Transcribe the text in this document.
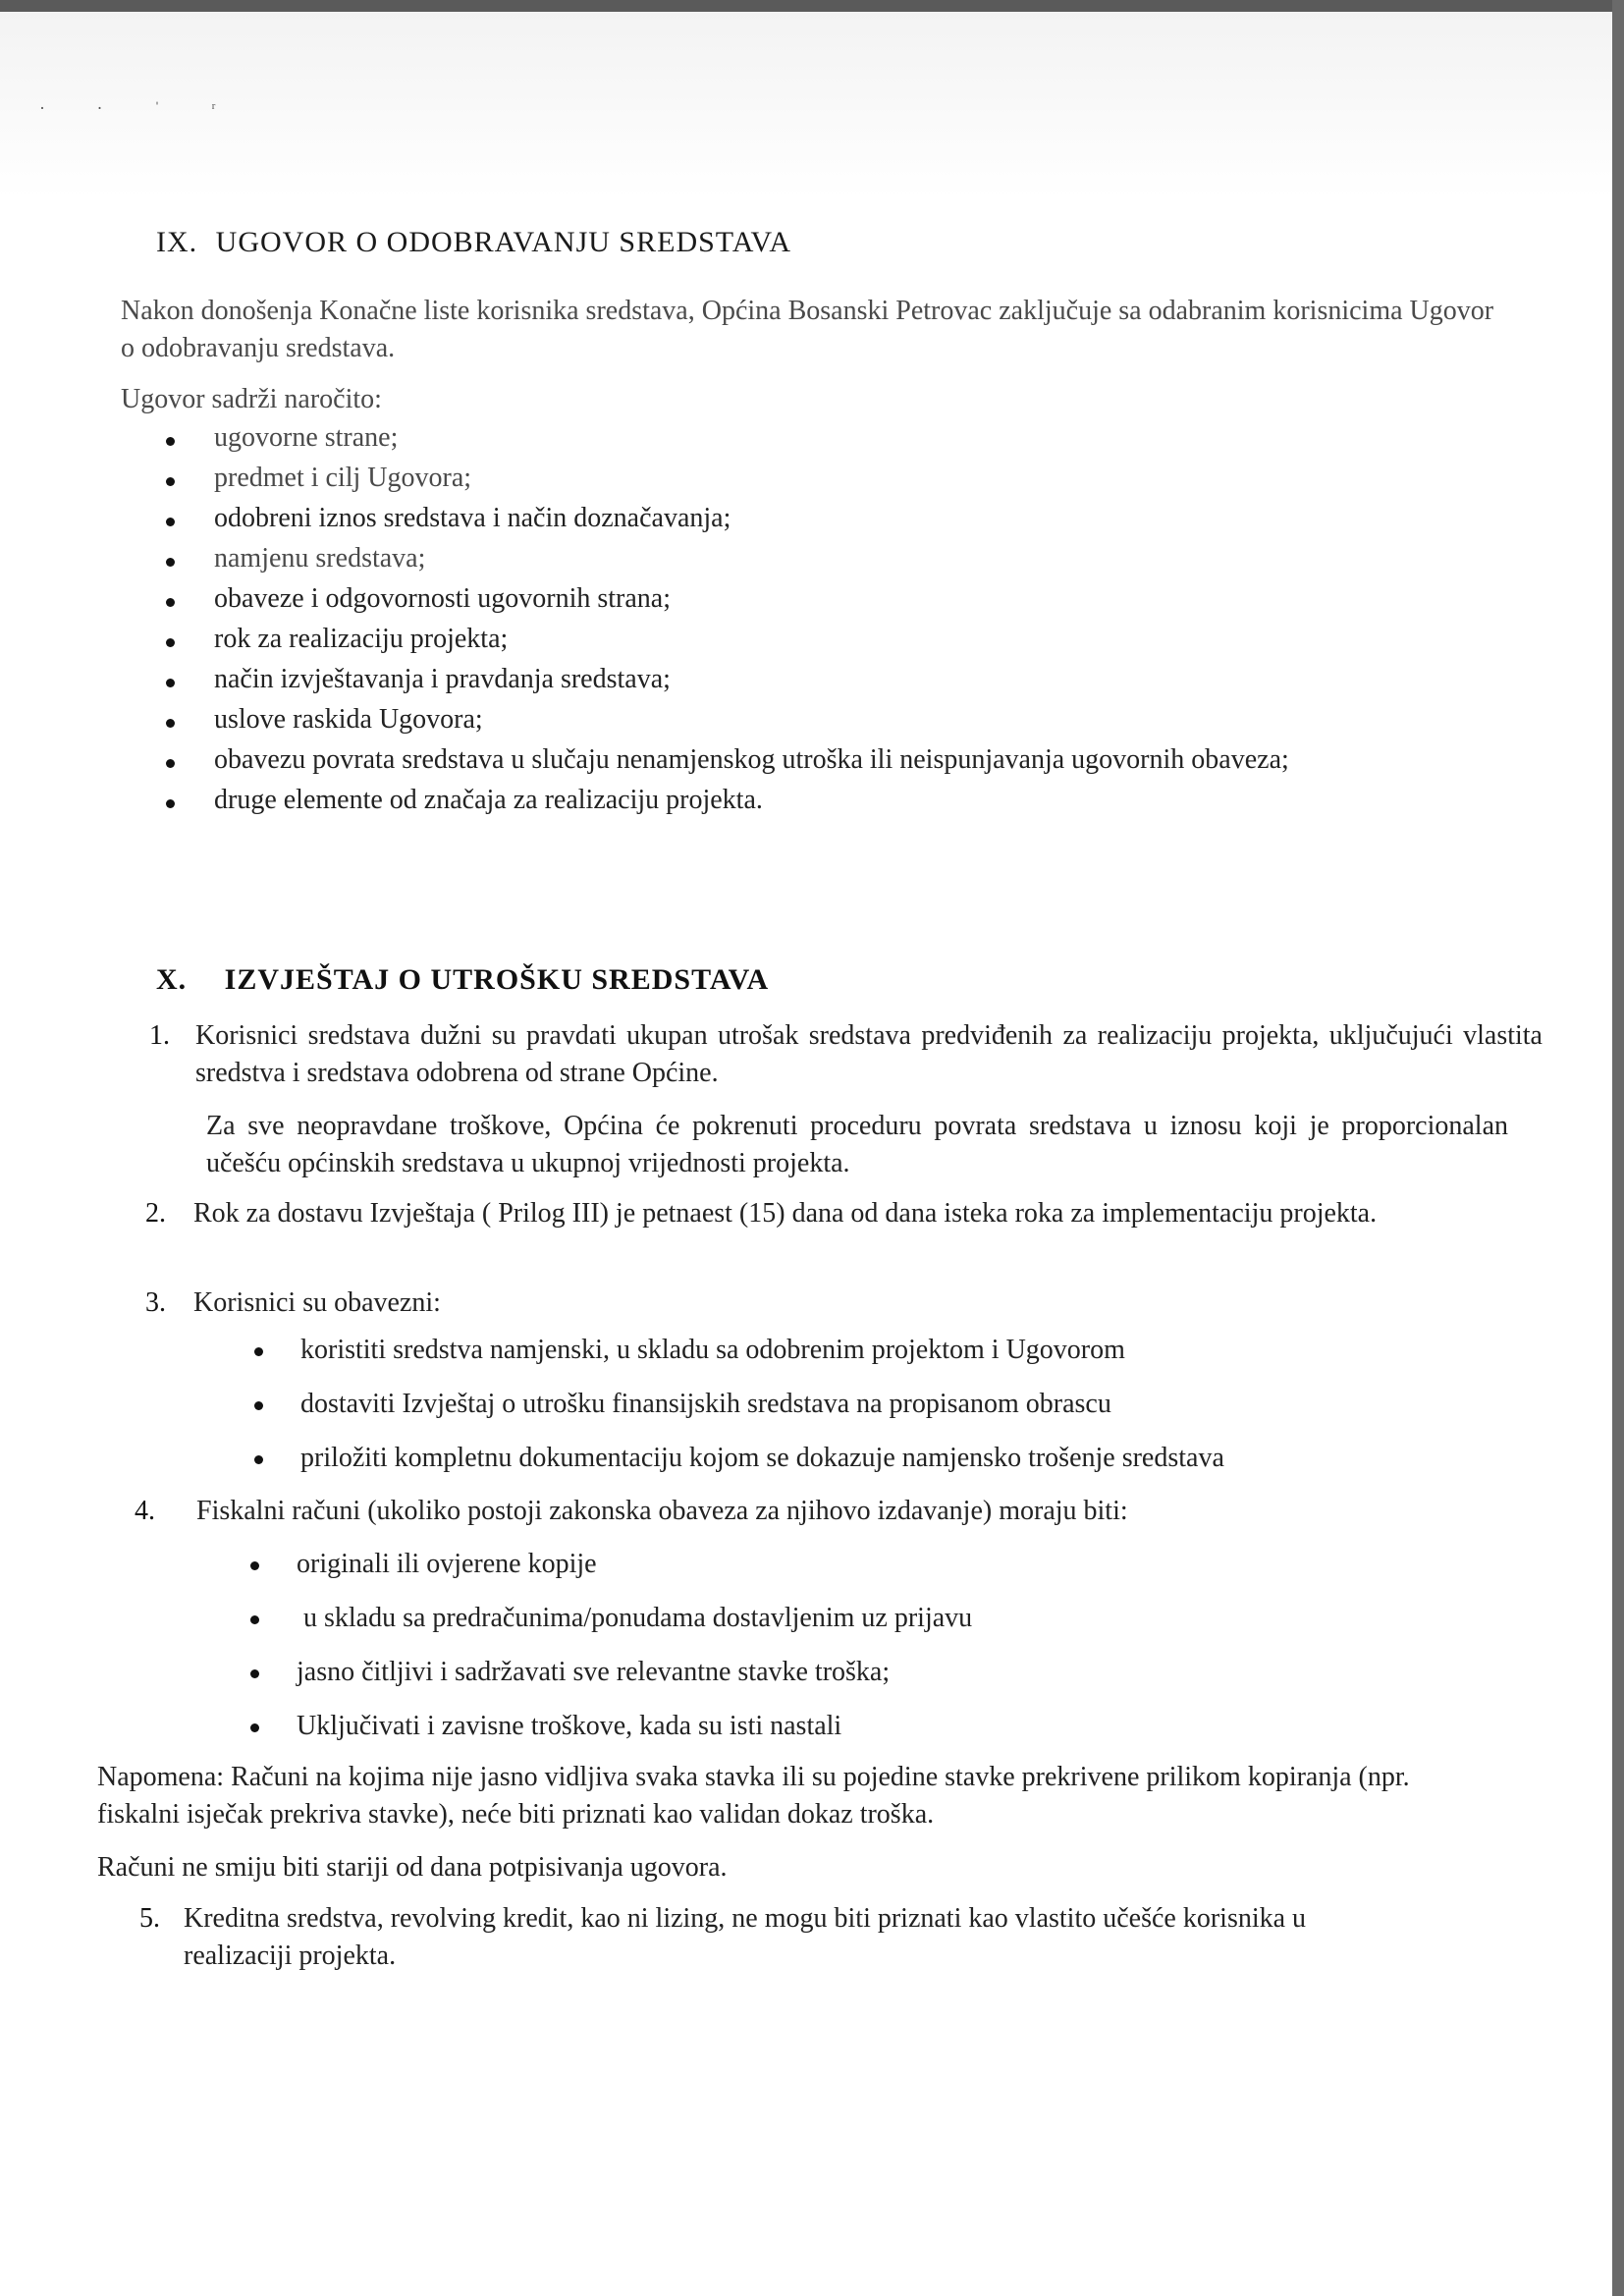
· · ˈ ʳ
IX. UGOVOR O ODOBRAVANJU SREDSTAVA
Nakon donošenja Konačne liste korisnika sredstava, Općina Bosanski Petrovac zaključuje sa odabranim korisnicima Ugovor o odobravanju sredstava.
Ugovor sadrži naročito:
ugovorne strane;
predmet i cilj Ugovora;
odobreni iznos sredstava i način doznačavanja;
namjenu sredstava;
obaveze i odgovornosti ugovornih strana;
rok za realizaciju projekta;
način izvještavanja i pravdanja sredstava;
uslove raskida Ugovora;
obavezu povrata sredstava u slučaju nenamjenskog utroška ili neispunjavanja ugovornih obaveza;
druge elemente od značaja za realizaciju projekta.
X. IZVJEŠTAJ O UTROŠKU SREDSTAVA
1. Korisnici sredstava dužni su pravdati ukupan utrošak sredstava predviđenih za realizaciju projekta, uključujući vlastita sredstva i sredstava odobrena od strane Općine.
Za sve neopravdane troškove, Općina će pokrenuti proceduru povrata sredstava u iznosu koji je proporcionalan učešću općinskih sredstava u ukupnoj vrijednosti projekta.
2. Rok za dostavu Izvještaja ( Prilog III) je petnaest (15) dana od dana isteka roka za implementaciju projekta.
3. Korisnici su obavezni:
koristiti sredstva namjenski, u skladu sa odobrenim projektom i Ugovorom
dostaviti Izvještaj o utrošku finansijskih sredstava na propisanom obrascu
priložiti kompletnu dokumentaciju kojom se dokazuje namjensko trošenje sredstava
4. Fiskalni računi (ukoliko postoji zakonska obaveza za njihovo izdavanje) moraju biti:
originali ili ovjerene kopije
u skladu sa predračunima/ponudama dostavljenim uz prijavu
jasno čitljivi i sadržavati sve relevantne stavke troška;
Uključivati i zavisne troškove, kada su isti nastali
Napomena: Računi na kojima nije jasno vidljiva svaka stavka ili su pojedine stavke prekrivene prilikom kopiranja (npr. fiskalni isječak prekriva stavke), neće biti priznati kao validan dokaz troška.
Računi ne smiju biti stariji od dana potpisivanja ugovora.
5. Kreditna sredstva, revolving kredit, kao ni lizing, ne mogu biti priznati kao vlastito učešće korisnika u realizaciji projekta.
